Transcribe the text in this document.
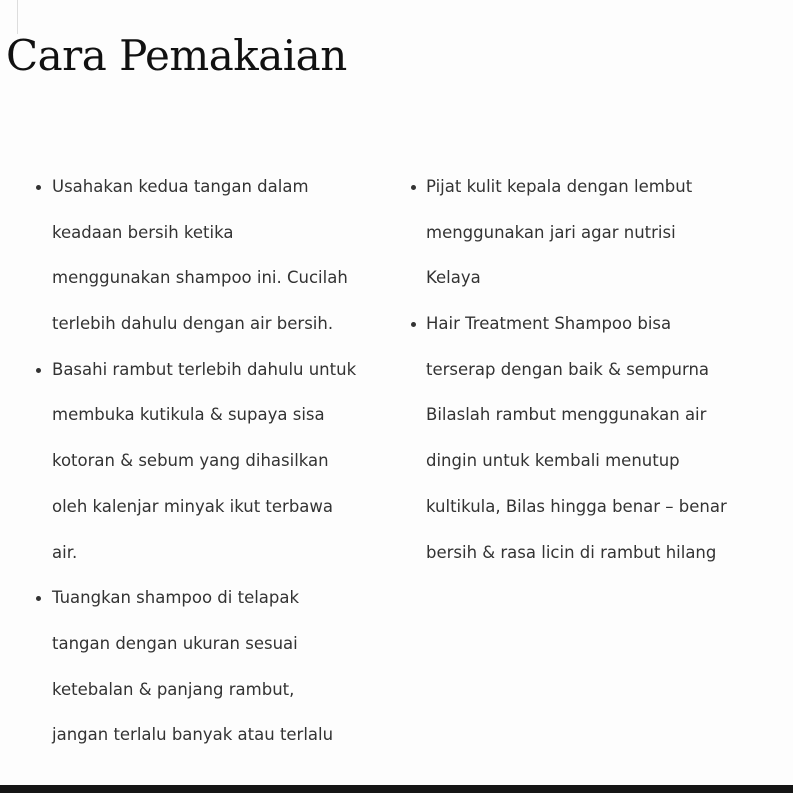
Cara Pemakaian
Usahakan kedua tangan dalam
keadaan bersih ketika
menggunakan shampoo ini. Cucilah
terlebih dahulu dengan air bersih.
Basahi rambut terlebih dahulu untuk
membuka kutikula & supaya sisa
kotoran & sebum yang dihasilkan
oleh kalenjar minyak ikut terbawa
air.
Tuangkan shampoo di telapak
tangan dengan ukuran sesuai
ketebalan & panjang rambut,
jangan terlalu banyak atau terlalu
Pijat kulit kepala dengan lembut
menggunakan jari agar nutrisi
Kelaya
Hair Treatment Shampoo bisa
terserap dengan baik & sempurna
Bilaslah rambut menggunakan air
dingin untuk kembali menutup
kultikula, Bilas hingga benar – benar
bersih & rasa licin di rambut hilang
